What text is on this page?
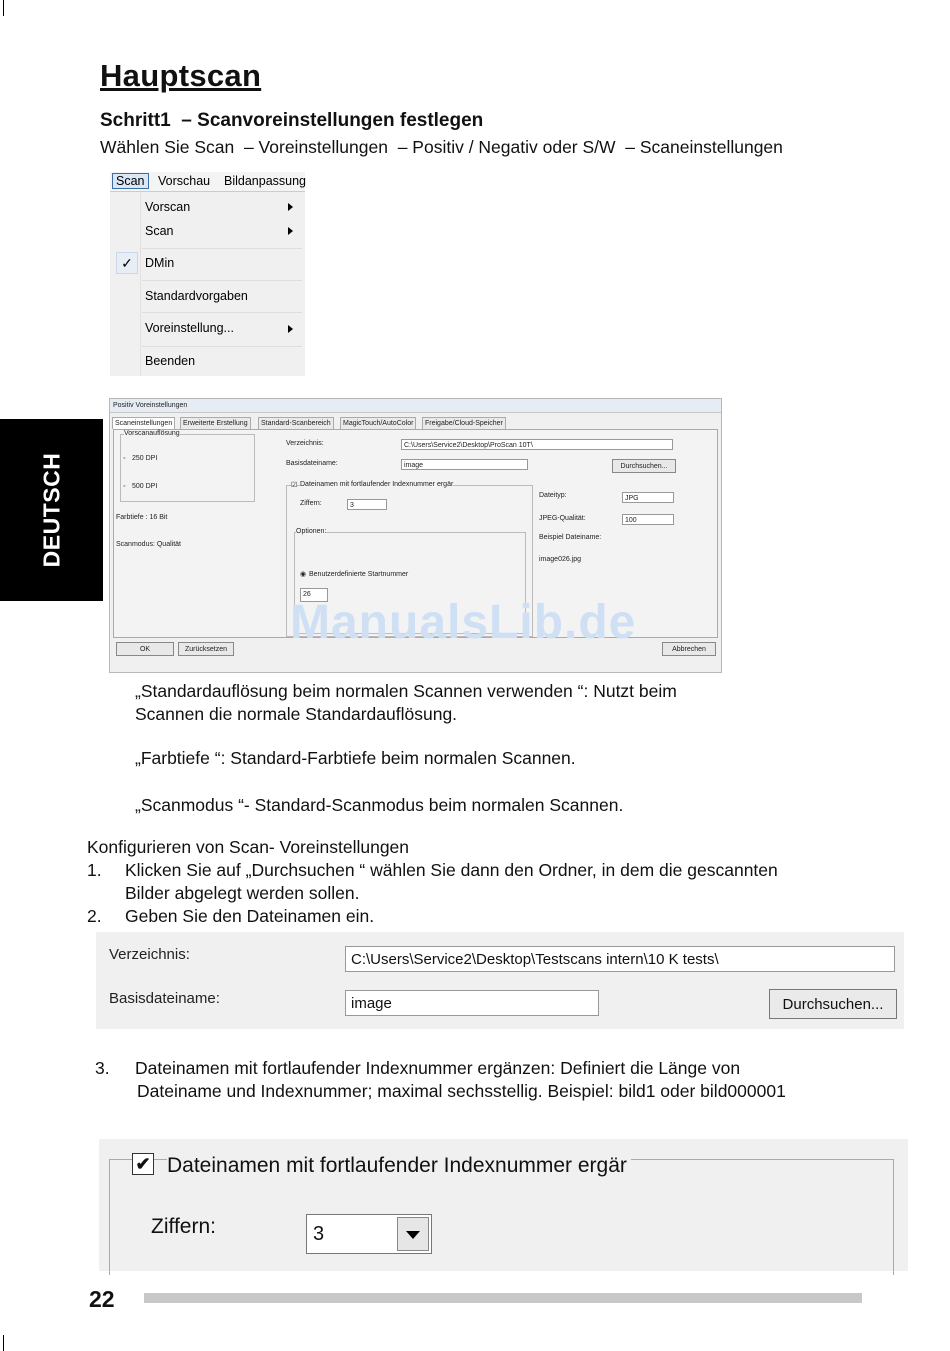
Hauptscan
Schritt1  – Scanvoreinstellungen festlegen
Wählen Sie Scan  – Voreinstellungen  – Positiv / Negativ oder S/W  – Scaneinstellungen
DEUTSCH
Scan	Vorschau Bildanpassung
Vorscan
Scan
✓ DMin
Standardvorgaben
Voreinstellung...
Beenden
Positiv Voreinstellungen
Scaneinstellungen	Erweiterte Erstellung	Standard-Scanbereich	MagicTouch/AutoColor	Freigabe/Cloud-Speicher
Vorscanauflösung
◦ 250 DPI
◦ 500 DPI
Farbtiefe : 16 Bit
Scanmodus: Qualität
Verzeichnis:	C:\Users\Service2\Desktop\ProScan 10T\
Basisdateiname:	image	Durchsuchen...
☑ Dateinamen mit fortlaufender Indexnummer ergär
Ziffern:	3
Optionen:
◉ Benutzerdefinierte Startnummer
26
Dateityp:	JPG
JPEG-Qualität:	100
Beispiel Dateiname:
image026.jpg
OK	Zurücksetzen	Abbrechen
ManualsLib.de
„Standardauflösung beim normalen Scannen verwenden “: Nutzt beim
Scannen die normale Standardauflösung.
„Farbtiefe “: Standard-Farbtiefe beim normalen Scannen.
„Scanmodus “- Standard-Scanmodus beim normalen Scannen.
Konfigurieren von Scan- Voreinstellungen
1. Klicken Sie auf „Durchsuchen “ wählen Sie dann den Ordner, in dem die gescannten
Bilder abgelegt werden sollen.
2. Geben Sie den Dateinamen ein.
Verzeichnis:	C:\Users\Service2\Desktop\Testscans intern\10 K tests\
Basisdateiname:	image	Durchsuchen...
3. Dateinamen mit fortlaufender Indexnummer ergänzen: Definiert die Länge von
Dateiname und Indexnummer; maximal sechsstellig. Beispiel: bild1 oder bild000001
✔ Dateinamen mit fortlaufender Indexnummer ergär
Ziffern:	3
22
